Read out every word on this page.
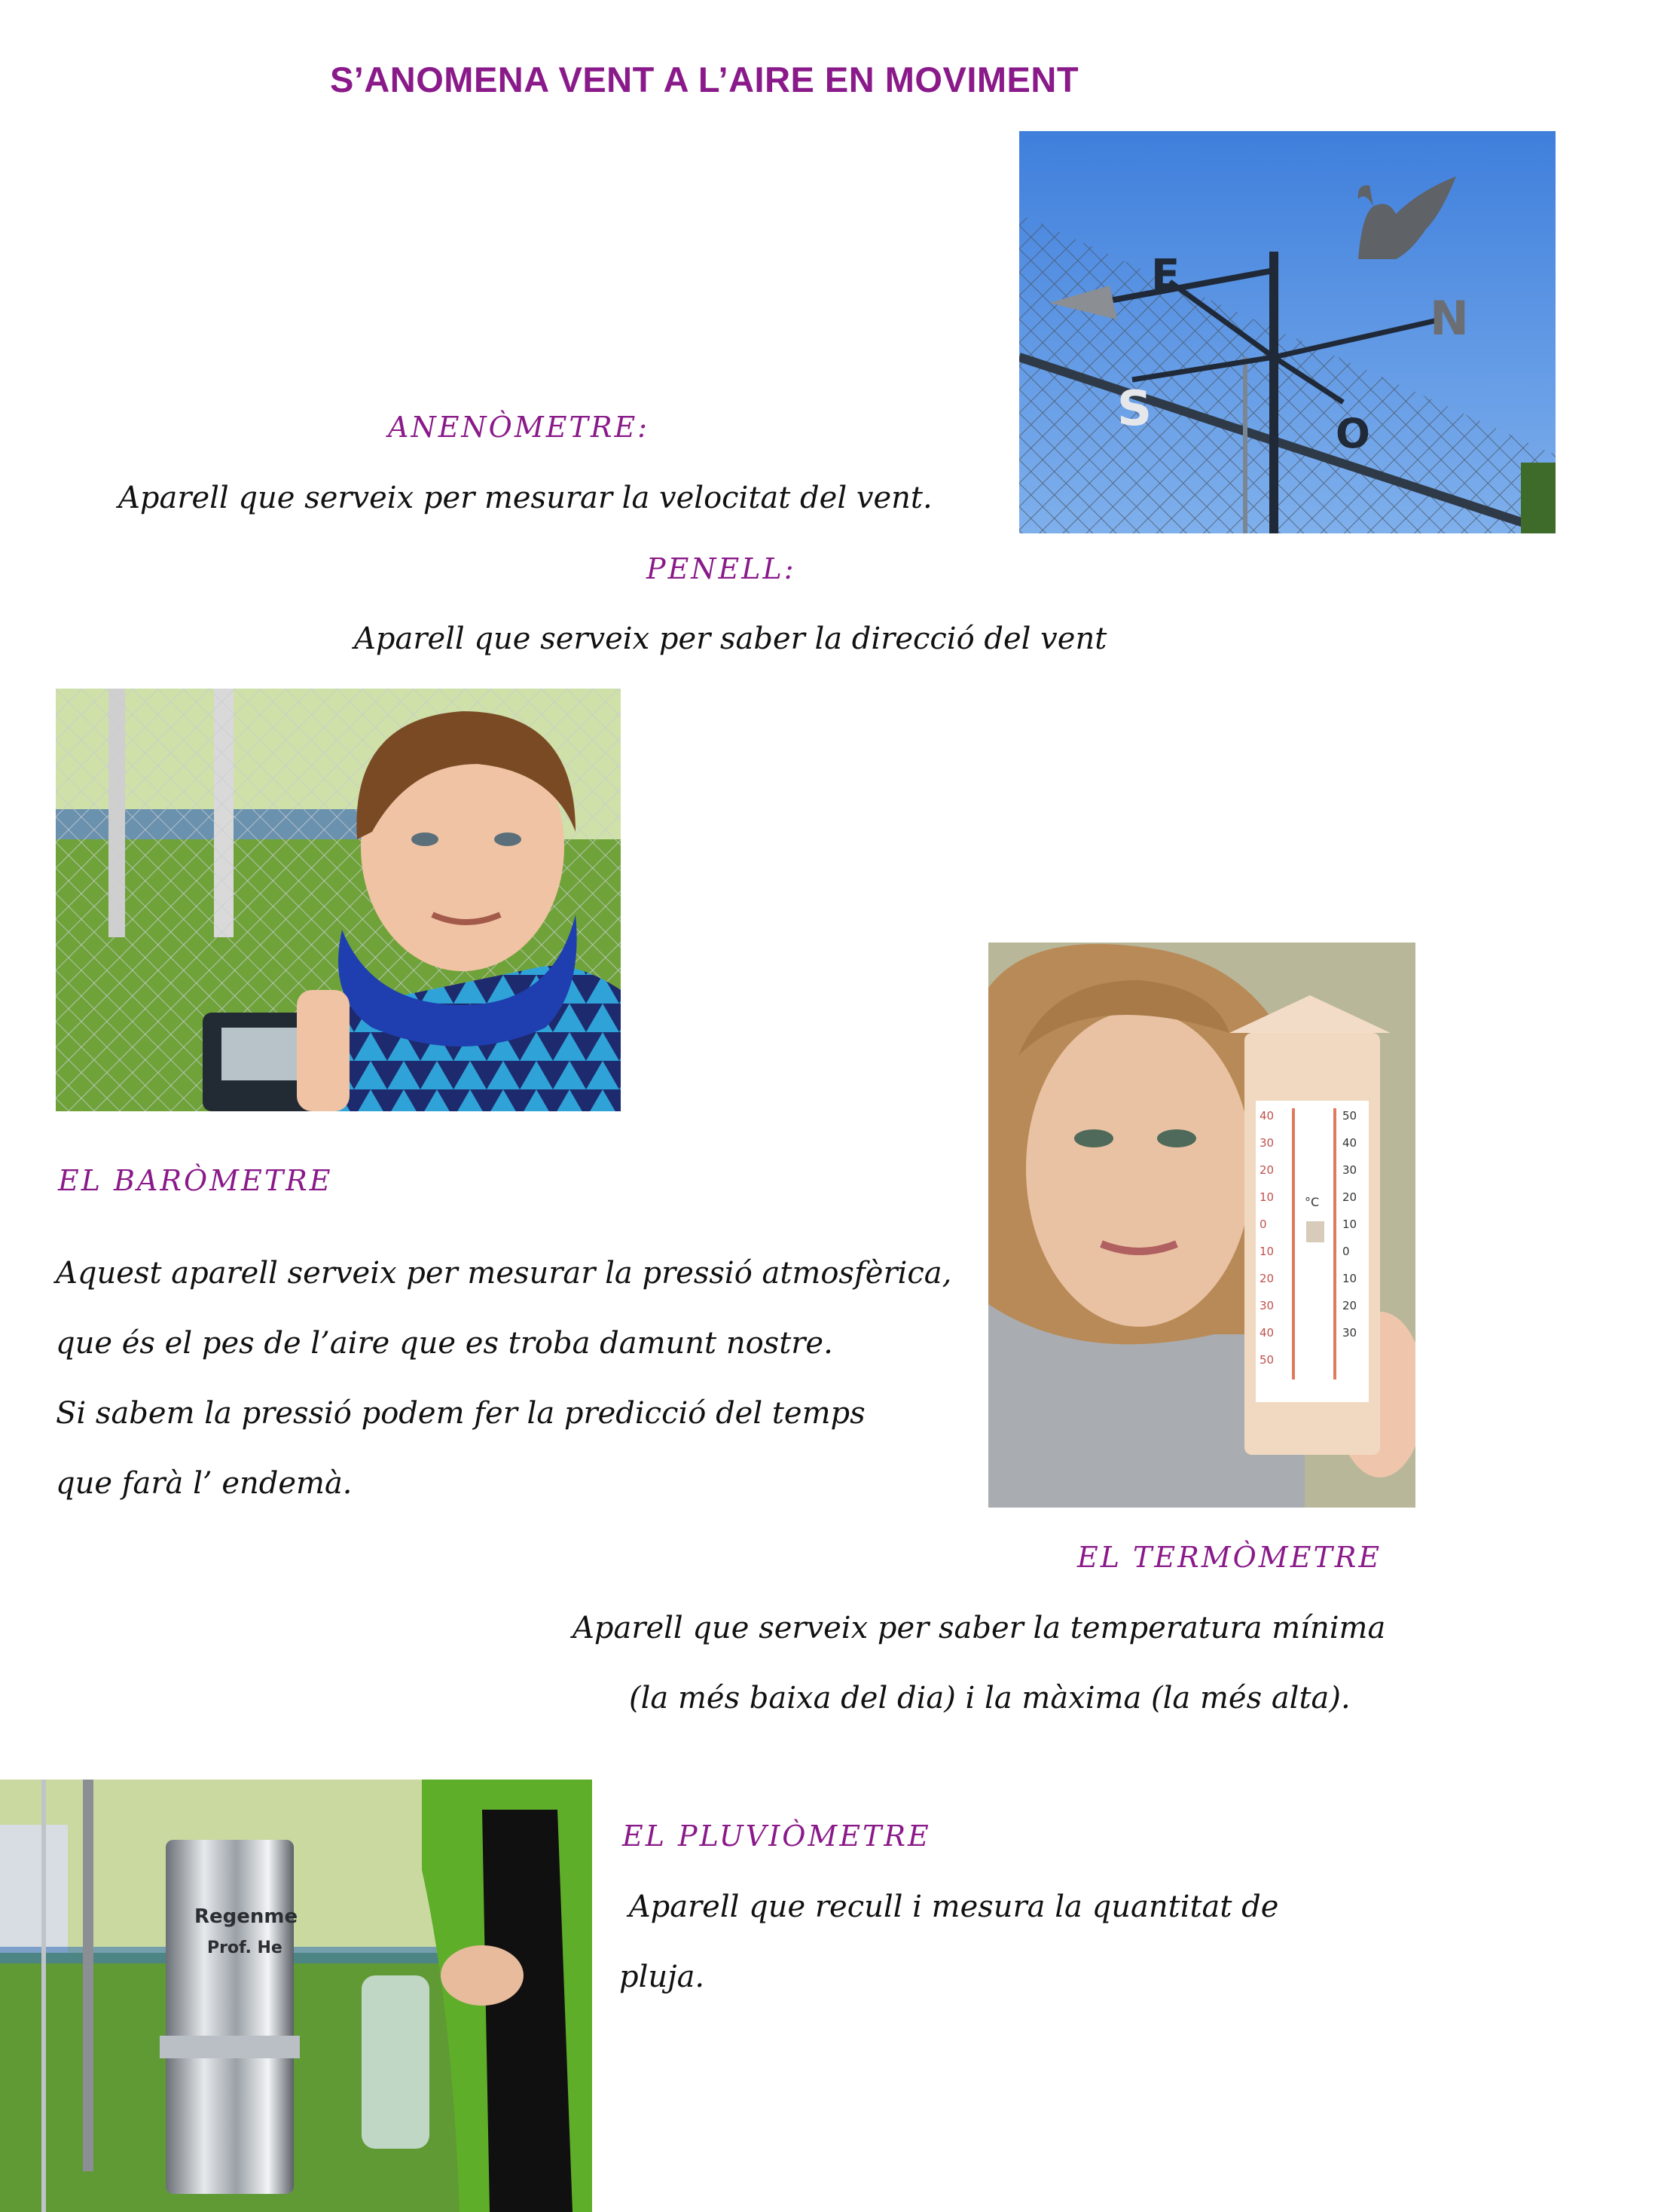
S’ANOMENA VENT A L’AIRE EN MOVIMENT
E
N
S	O
ANENÒMETRE:
Aparell que serveix per mesurar la velocitat del vent.
PENELL:
Aparell que serveix per saber la direcció del vent
°C
40
30
20
10
0
10
20
30
40
50
50
40
30
20
10
0
10
20
30
EL BARÒMETRE
Aquest aparell serveix per mesurar la pressió atmosfèrica,
que és el pes de l’aire que es troba damunt nostre.
Si sabem la pressió podem fer la predicció del temps
que farà l’ endemà.
EL TERMÒMETRE
Aparell que serveix per saber la temperatura mínima
(la més baixa del dia) i la màxima (la més alta).
Regenme
Prof. He
EL PLUVIÒMETRE
Aparell que recull i mesura la quantitat de
pluja.
